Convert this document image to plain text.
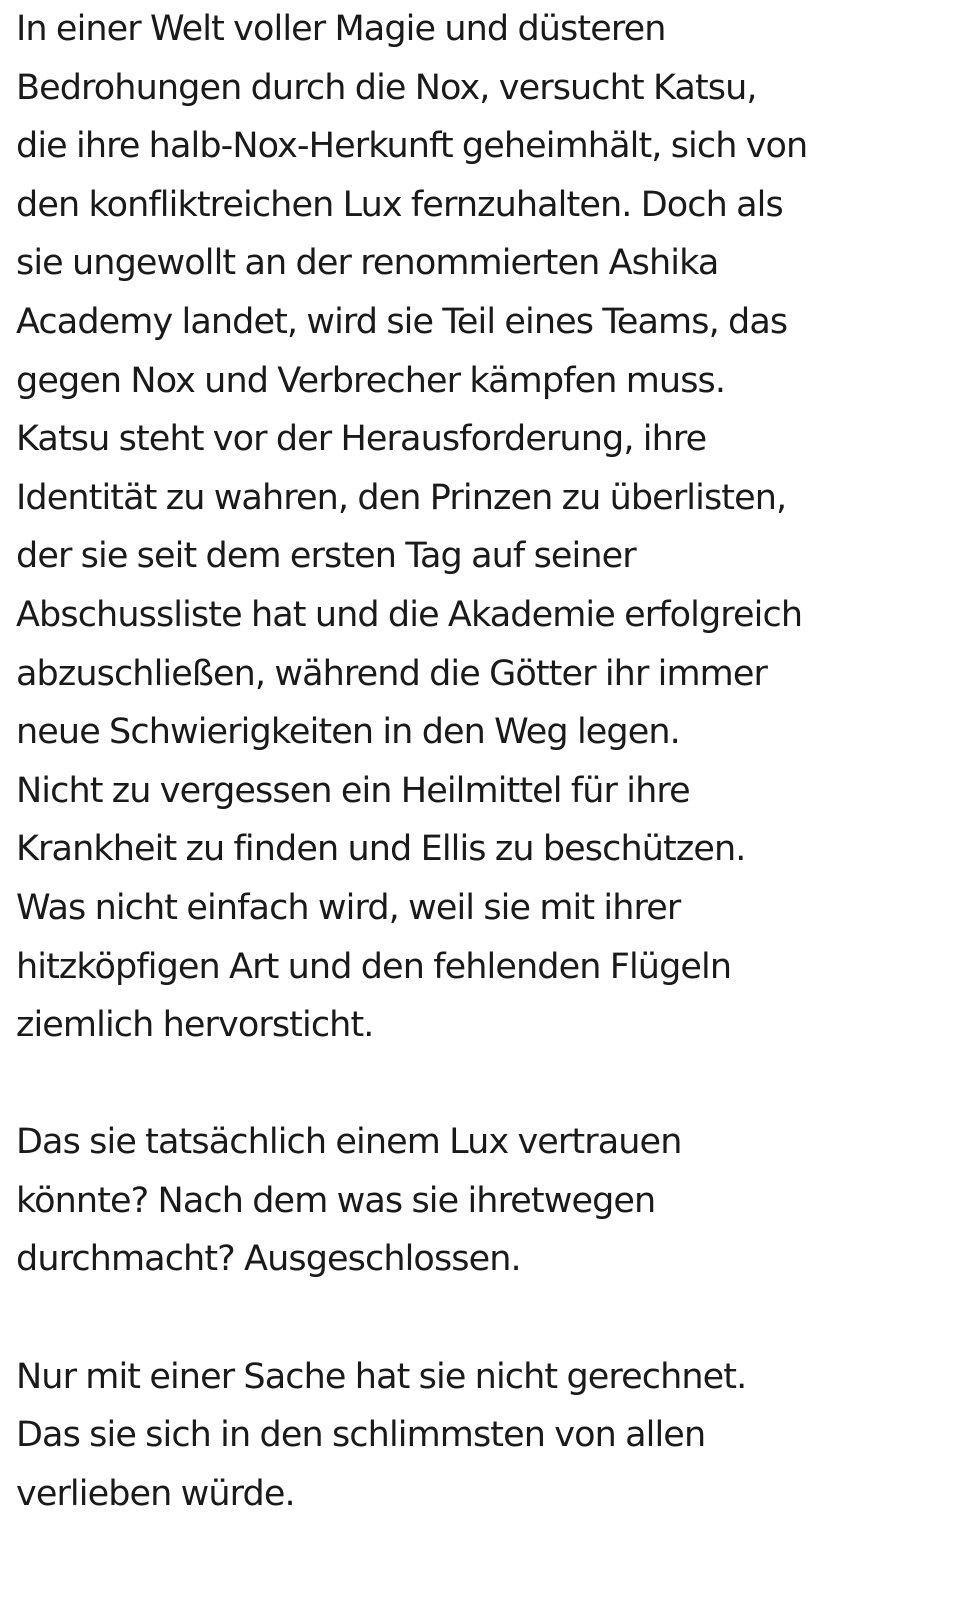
In einer Welt voller Magie und düsteren
Bedrohungen durch die Nox, versucht Katsu,
die ihre halb-Nox-Herkunft geheimhält, sich von
den konfliktreichen Lux fernzuhalten. Doch als
sie ungewollt an der renommierten Ashika
Academy landet, wird sie Teil eines Teams, das
gegen Nox und Verbrecher kämpfen muss.
Katsu steht vor der Herausforderung, ihre
Identität zu wahren, den Prinzen zu überlisten,
der sie seit dem ersten Tag auf seiner
Abschussliste hat und die Akademie erfolgreich
abzuschließen, während die Götter ihr immer
neue Schwierigkeiten in den Weg legen.
Nicht zu vergessen ein Heilmittel für ihre
Krankheit zu finden und Ellis zu beschützen.
Was nicht einfach wird, weil sie mit ihrer
hitzköpfigen Art und den fehlenden Flügeln
ziemlich hervorsticht.
Das sie tatsächlich einem Lux vertrauen
könnte? Nach dem was sie ihretwegen
durchmacht? Ausgeschlossen.
Nur mit einer Sache hat sie nicht gerechnet.
Das sie sich in den schlimmsten von allen
verlieben würde.
